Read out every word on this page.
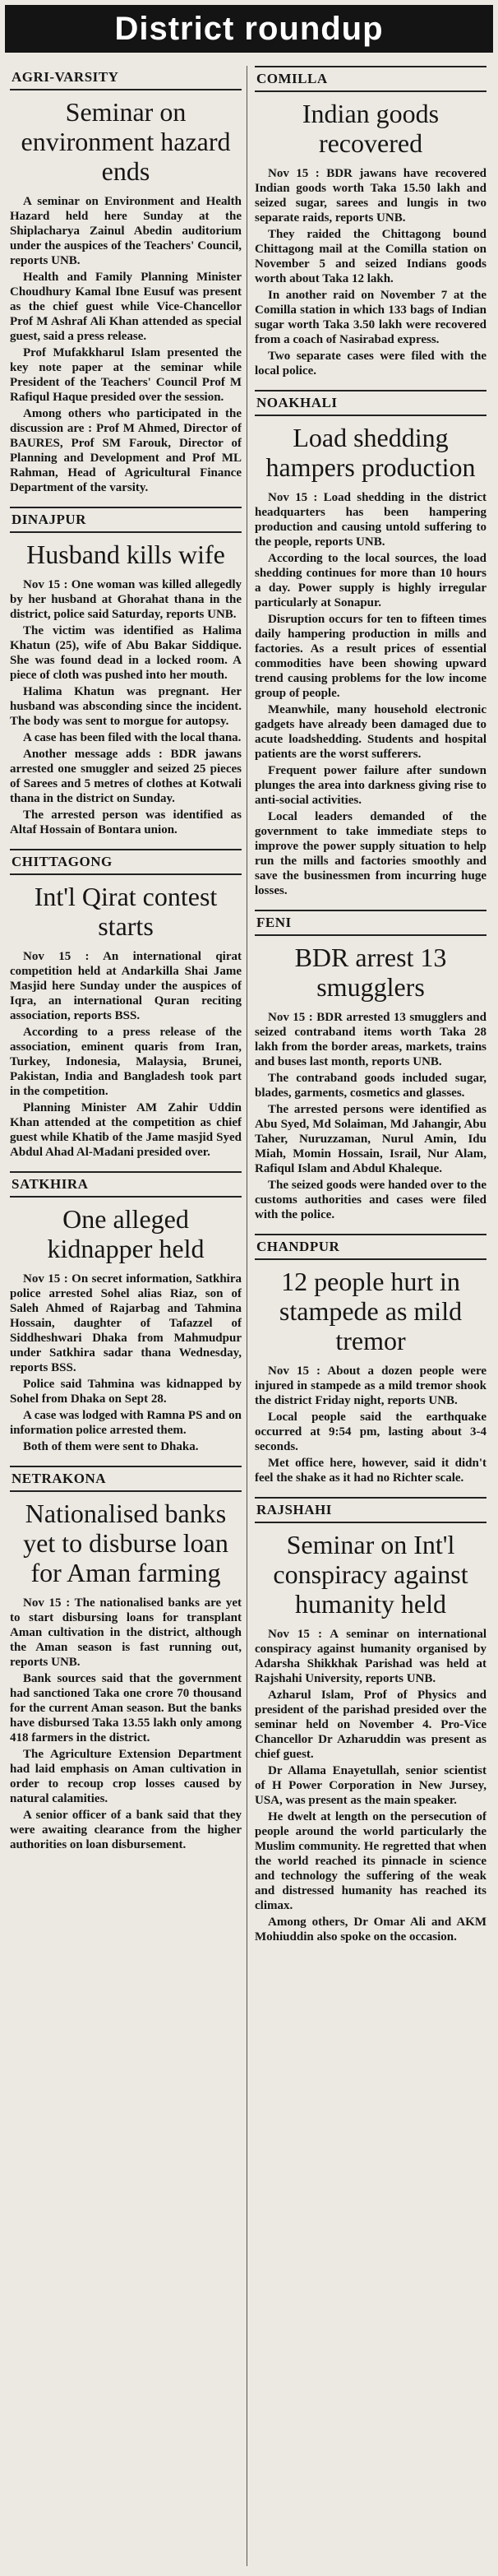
District roundup
AGRI-VARSITY
Seminar on environment hazard ends

A seminar on Environment and Health Hazard held here Sunday at the Shiplacharya Zainul Abedin auditorium under the auspices of the Teachers' Council, reports UNB.

Health and Family Planning Minister Choudhury Kamal Ibne Eusuf was present as the chief guest while Vice-Chancellor Prof M Ashraf Ali Khan attended as special guest, said a press release.

Prof Mufakkharul Islam presented the key note paper at the seminar while President of the Teachers' Council Prof M Rafiqul Haque presided over the session.

Among others who participated in the discussion are : Prof M Ahmed, Director of BAURES, Prof SM Farouk, Director of Planning and Development and Prof ML Rahman, Head of Agricultural Finance Department of the varsity.

DINAJPUR
Husband kills wife

Nov 15 : One woman was killed allegedly by her husband at Ghorahat thana in the district, police said Saturday, reports UNB.

The victim was identified as Halima Khatun (25), wife of Abu Bakar Siddique. She was found dead in a locked room. A piece of cloth was pushed into her mouth.

Halima Khatun was pregnant. Her husband was absconding since the incident. The body was sent to morgue for autopsy.

A case has been filed with the local thana.

Another message adds : BDR jawans arrested one smuggler and seized 25 pieces of Sarees and 5 metres of clothes at Kotwali thana in the district on Sunday.

The arrested person was identified as Altaf Hossain of Bontara union.

CHITTAGONG
Int'l Qirat contest starts

Nov 15 : An international qirat competition held at Andarkilla Shai Jame Masjid here Sunday under the auspices of Iqra, an international Quran reciting association, reports BSS.

According to a press release of the association, eminent quaris from Iran, Turkey, Indonesia, Malaysia, Brunei, Pakistan, India and Bangladesh took part in the competition.

Planning Minister AM Zahir Uddin Khan attended at the competition as chief guest while Khatib of the Jame masjid Syed Abdul Ahad Al-Madani presided over.

SATKHIRA
One alleged kidnapper held

Nov 15 : On secret information, Satkhira police arrested Sohel alias Riaz, son of Saleh Ahmed of Rajarbag and Tahmina Hossain, daughter of Tafazzel of Siddheshwari Dhaka from Mahmudpur under Satkhira sadar thana Wednesday, reports BSS.

Police said Tahmina was kidnapped by Sohel from Dhaka on Sept 28.

A case was lodged with Ramna PS and on information police arrested them.

Both of them were sent to Dhaka.

NETRAKONA
Nationalised banks yet to disburse loan for Aman farming

Nov 15 : The nationalised banks are yet to start disbursing loans for transplant Aman cultivation in the district, although the Aman season is fast running out, reports UNB.

Bank sources said that the government had sanctioned Taka one crore 70 thousand for the current Aman season. But the banks have disbursed Taka 13.55 lakh only among 418 farmers in the district.

The Agriculture Extension Department had laid emphasis on Aman cultivation in order to recoup crop losses caused by natural calamities.

A senior officer of a bank said that they were awaiting clearance from the higher authorities on loan disbursement.

COMILLA
Indian goods recovered

Nov 15 : BDR jawans have recovered Indian goods worth Taka 15.50 lakh and seized sugar, sarees and lungis in two separate raids, reports UNB.

They raided the Chittagong bound Chittagong mail at the Comilla station on November 5 and seized Indians goods worth about Taka 12 lakh.

In another raid on November 7 at the Comilla station in which 133 bags of Indian sugar worth Taka 3.50 lakh were recovered from a coach of Nasirabad express.

Two separate cases were filed with the local police.

NOAKHALI
Load shedding hampers production

Nov 15 : Load shedding in the district headquarters has been hampering production and causing untold suffering to the people, reports UNB.

According to the local sources, the load shedding continues for more than 10 hours a day. Power supply is highly irregular particularly at Sonapur.

Disruption occurs for ten to fifteen times daily hampering production in mills and factories. As a result prices of essential commodities have been showing upward trend causing problems for the low income group of people.

Meanwhile, many household electronic gadgets have already been damaged due to acute loadshedding. Students and hospital patients are the worst sufferers.

Frequent power failure after sundown plunges the area into darkness giving rise to anti-social activities.

Local leaders demanded of the government to take immediate steps to improve the power supply situation to help run the mills and factories smoothly and save the businessmen from incurring huge losses.

FENI
BDR arrest 13 smugglers

Nov 15 : BDR arrested 13 smugglers and seized contraband items worth Taka 28 lakh from the border areas, markets, trains and buses last month, reports UNB.

The contraband goods included sugar, blades, garments, cosmetics and glasses.

The arrested persons were identified as Abu Syed, Md Solaiman, Md Jahangir, Abu Taher, Nuruzzaman, Nurul Amin, Idu Miah, Momin Hossain, Israil, Nur Alam, Rafiqul Islam and Abdul Khaleque.

The seized goods were handed over to the customs authorities and cases were filed with the police.

CHANDPUR
12 people hurt in stampede as mild tremor

Nov 15 : About a dozen people were injured in stampede as a mild tremor shook the district Friday night, reports UNB.

Local people said the earthquake occurred at 9:54 pm, lasting about 3-4 seconds.

Met office here, however, said it didn't feel the shake as it had no Richter scale.

RAJSHAHI
Seminar on Int'l conspiracy against humanity held

Nov 15 : A seminar on international conspiracy against humanity organised by Adarsha Shikkhak Parishad was held at Rajshahi University, reports UNB.

Azharul Islam, Prof of Physics and president of the parishad presided over the seminar held on November 4. Pro-Vice Chancellor Dr Azharuddin was present as chief guest.

Dr Allama Enayetullah, senior scientist of H Power Corporation in New Jursey, USA, was present as the main speaker.

He dwelt at length on the persecution of people around the world particularly the Muslim community. He regretted that when the world reached its pinnacle in science and technology the suffering of the weak and distressed humanity has reached its climax.

Among others, Dr Omar Ali and AKM Mohiuddin also spoke on the occasion.
